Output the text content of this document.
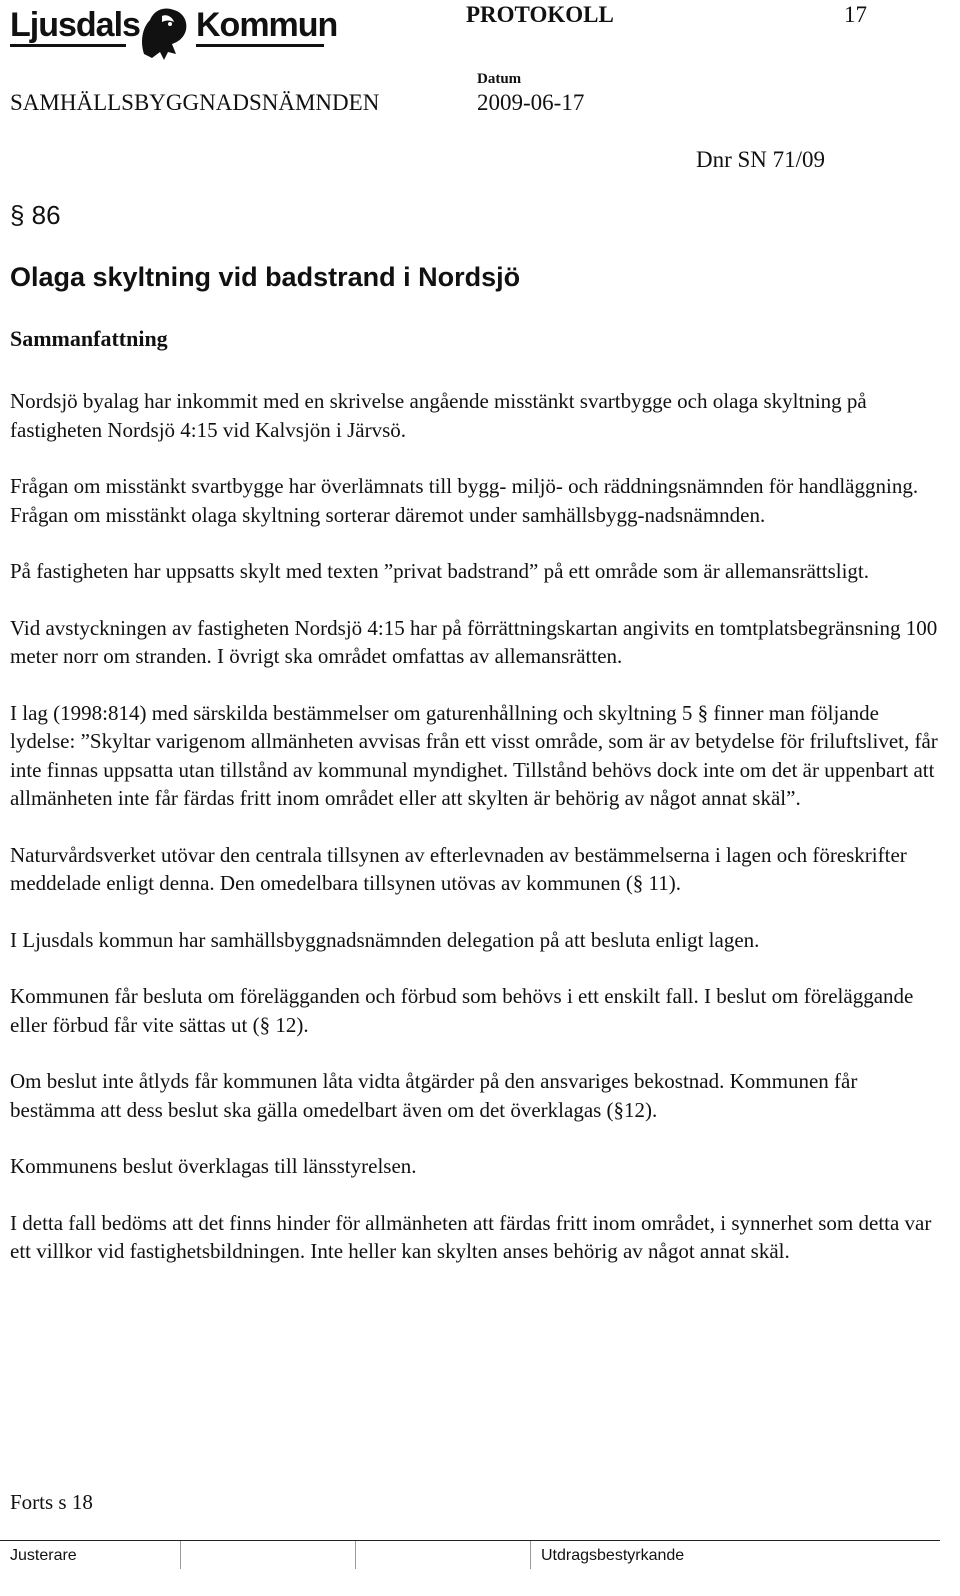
Ljusdals Kommun	PROTOKOLL	17
Datum
SAMHÄLLSBYGGNADSNÄMNDEN	2009-06-17
Dnr SN 71/09
§ 86
Olaga skyltning vid badstrand i Nordsjö
Sammanfattning

Nordsjö byalag har inkommit med en skrivelse angående misstänkt svartbygge och olaga skyltning på fastigheten Nordsjö 4:15 vid Kalvsjön i Järvsö.

Frågan om misstänkt svartbygge har överlämnats till bygg- miljö- och räddningsnämnden för handläggning. Frågan om misstänkt olaga skyltning sorterar däremot under samhällsbygg-nadsnämnden.

På fastigheten har uppsatts skylt med texten ”privat badstrand” på ett område som är allemansrättsligt.

Vid avstyckningen av fastigheten Nordsjö 4:15 har på förrättningskartan angivits en tomtplatsbegränsning 100 meter norr om stranden. I övrigt ska området omfattas av allemansrätten.

I lag (1998:814) med särskilda bestämmelser om gaturenhållning och skyltning 5 § finner man följande lydelse: ”Skyltar varigenom allmänheten avvisas från ett visst område, som är av betydelse för friluftslivet, får inte finnas uppsatta utan tillstånd av kommunal myndighet. Tillstånd behövs dock inte om det är uppenbart att allmänheten inte får färdas fritt inom området eller att skylten är behörig av något annat skäl”.

Naturvårdsverket utövar den centrala tillsynen av efterlevnaden av bestämmelserna i lagen och föreskrifter meddelade enligt denna. Den omedelbara tillsynen utövas av kommunen (§ 11).

I Ljusdals kommun har samhällsbyggnadsnämnden delegation på att besluta enligt lagen.

Kommunen får besluta om förelägganden och förbud som behövs i ett enskilt fall. I beslut om föreläggande eller förbud får vite sättas ut (§ 12).

Om beslut inte åtlyds får kommunen låta vidta åtgärder på den ansvariges bekostnad. Kommunen får bestämma att dess beslut ska gälla omedelbart även om det överklagas (§12).

Kommunens beslut överklagas till länsstyrelsen.

I detta fall bedöms att det finns hinder för allmänheten att färdas fritt inom området, i synnerhet som detta var ett villkor vid fastighetsbildningen. Inte heller kan skylten anses behörig av något annat skäl.

Forts s 18
Justerare	Utdragsbestyrkande
